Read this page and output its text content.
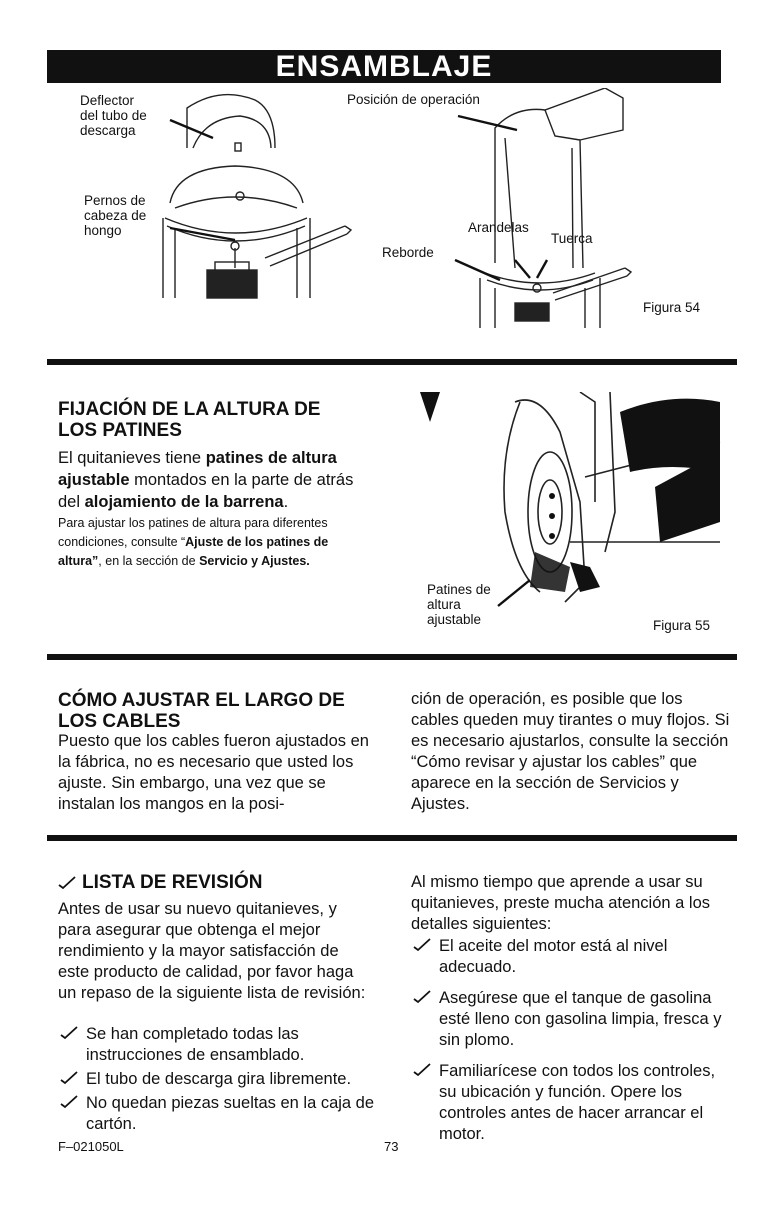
ENSAMBLAJE
Deflector
del tubo de
descarga
Pernos de
cabeza de
hongo
Posición de operación
Arandelas
Tuerca
Reborde
Figura 54
FIJACIÓN DE LA ALTURA DE
LOS PATINES
El quitanieves tiene patines de altura ajustable montados en la parte de atrás del alojamiento de la barrena.
Para ajustar los patines de altura para diferentes condiciones, consulte “Ajuste de los patines de altura”, en la sección de Servicio y Ajustes.
Patines de
altura
ajustable	Figura 55
CÓMO AJUSTAR EL LARGO DE
LOS CABLES
Puesto que los cables fueron ajustados en la fábrica, no es necesario que usted los ajuste. Sin embargo, una vez que se instalan los mangos en la posi-
ción de operación, es posible que los cables queden muy tirantes o muy flojos. Si es necesario ajustarlos, consulte la sección “Cómo revisar y ajustar los cables” que aparece en la sección de Servicios y Ajustes.
LISTA DE REVISIÓN
Antes de usar su nuevo quitanieves, y para asegurar que obtenga el mejor rendimiento y la mayor satisfacción de este producto de calidad, por favor haga un repaso de la siguiente lista de revisión:
Se han completado todas las instrucciones de ensamblado.
El tubo de descarga gira libremente.
No quedan piezas sueltas en la caja de cartón.
Al mismo tiempo que aprende a usar su quitanieves, preste mucha atención a los detalles siguientes:
El aceite del motor está al nivel adecuado.
Asegúrese que el tanque de gasolina esté lleno con gasolina limpia, fresca y sin plomo.
Familiarícese con todos los controles, su ubicación y función. Opere los controles antes de hacer arrancar el motor.
F–021050L	73
